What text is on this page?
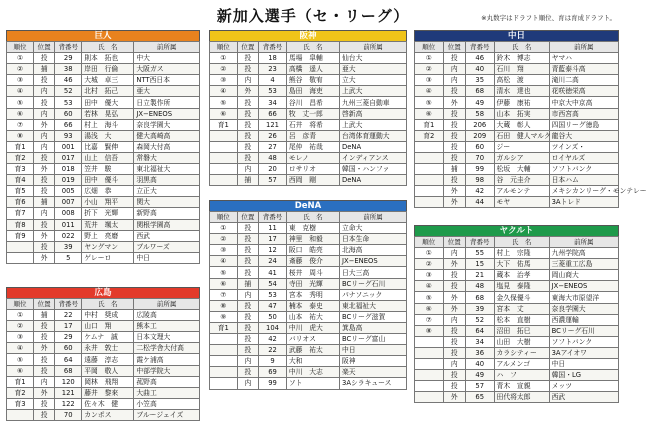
新加入選手（セ・リーグ）	※丸数字はドラフト順位、育は育成ドラフト。
巨人
順位	位置	背番号	氏　名	前所属
①	投	29	則本　拓也	中大
②	捕	38	岸田　行倫	大阪ガス
③	投	46	大城　卓三	NTT西日本
④	内	52	北村　拓己	亜大
⑤	投	53	田中　優大	日立製作所
⑥	内	60	若林　晃弘	JX−ENEOS
⑦	外	66	村上　海斗	奈良学園大
⑧	内	93	湯浅　大	健大高崎高
育1	内	001	比嘉　賢伸	森岡大付高
育2	投	017	山上　信吾	常磐大
育3	外	018	笠井　駿	東北福祉大
育4	投	019	田中　優斗	羽黒高
育5	投	005	広畑　恭	立正大
育6	捕	007	小山　翔平	関大
育7	内	008	折下　光輝	新野高
育8	投	011	荒井　颯太	関根学園高
育9	外	022	野上　亮磨	西武
	投	39	ヤングマン	ブルワーズ
	外	5	ゲレーロ	中日
広島
順位	位置	背番号	氏　名	前所属
①	捕	22	中村　奨成	広陵高
②	投	17	山口　翔	熊本工
③	投	29	ケムナ　誠	日本文理大
④	外	60	永井　敦士	二松学舎大付高
⑤	投	64	遠藤　淳志	霞ケ浦高
⑥	投	68	平岡　敬人	中部学院大
育1	内	120	岡林　飛翔	菰野高
育2	外	121	藤井　黎來	大曲工
育3	投	122	佐々木　健	小笠高
	投	70	カンポス	ブルージェイズ
阪神
順位	位置	背番号	氏　名	前所属
①	投	18	馬場　皐輔	仙台大
②	投	23	高橋　遥人	亜大
③	内	4	熊谷　敬宥	立大
④	外	53	島田　海吏	上武大
⑤	投	34	谷川　昌希	九州三菱自動車
⑥	投	66	牧　丈一郎	啓新高
育1	投	121	石井　将希	上武大
	投	26	呂　彦青	台湾体育運動大
	投	27	尾仲　祐哉	DeNA
	投	48	モレノ	インディアンス
	内	20	ロサリオ	韓国・ハンファ
	捕	57	西岡　剛	DeNA
DeNA
順位	位置	背番号	氏　名	前所属
①	投	11	東　克樹	立命大
②	投	17	神里　和毅	日本生命
③	投	12	阪口　皓亮	北海高
④	投	24	斎藤　俊介	JX−ENEOS
⑤	投	41	桜井　周斗	日大三高
⑥	捕	54	寺田　光輝	BCリーグ石川
⑦	内	53	宮本　秀明	パナソニック
⑧	投	47	楠本　泰史	東北福祉大
⑨	投	50	山本　祐大	BCリーグ滋賀
育1	投	104	中川　虎大	箕島高
	投	42	バリオス	BCリーグ富山
	投	22	武藤　祐太	中日
	内	9	大和	阪神
	投	69	中川　大志	楽天
	内	99	ソト	3Aシラキュース
中日
順位	位置	背番号	氏　名	前所属
①	投	46	鈴木　博志	ヤマハ
②	内	40	石川　翔	青藍泰斗高
③	内	35	高松　渡	滝川二高
④	投	68	清水　達也	花咲徳栄高
⑤	外	49	伊藤　康祐	中京大中京高
⑥	投	58	山本　拓実	市西宮高
育1	投	206	大蔵　彰人	四国リーグ徳島
育2	投	209	石田　健人マルク	龍谷大
	投	60	ジー	ツインズ・
	投	70	ガルシア	ロイヤルズ
	捕	99	松坂　大輔	ソフトバンク
	投	98	谷　元圭介	日本ハム
	外	42	アルモンテ	メキシカンリーグ・モンテレー
	外	44	モヤ	3Aトレド
ヤクルト
順位	位置	背番号	氏　名	前所属
①	内	55	村上　宗隆	九州学院高
②	外	15	大下　佑馬	三菱重工広島
③	投	21	蔵本　治孝	岡山商大
④	投	48	塩見　泰隆	JX−ENEOS
⑤	外	68	金久保優斗	東海大市原望洋
⑥	外	39	宮本　丈	奈良学園大
⑦	内	52	松本　直樹	西濃運輸
⑧	投	64	沼田　拓巳	BCリーグ石川
	投	34	山田　大樹	ソフトバンク
	投	36	カラシティー	3Aアイオワ
	内	40	アルメンゴ	中日
	投	49	ハ　フ	韓国・LG
	投	57	青木　宣親	メッツ
	外	65	田代将太郎	西武
